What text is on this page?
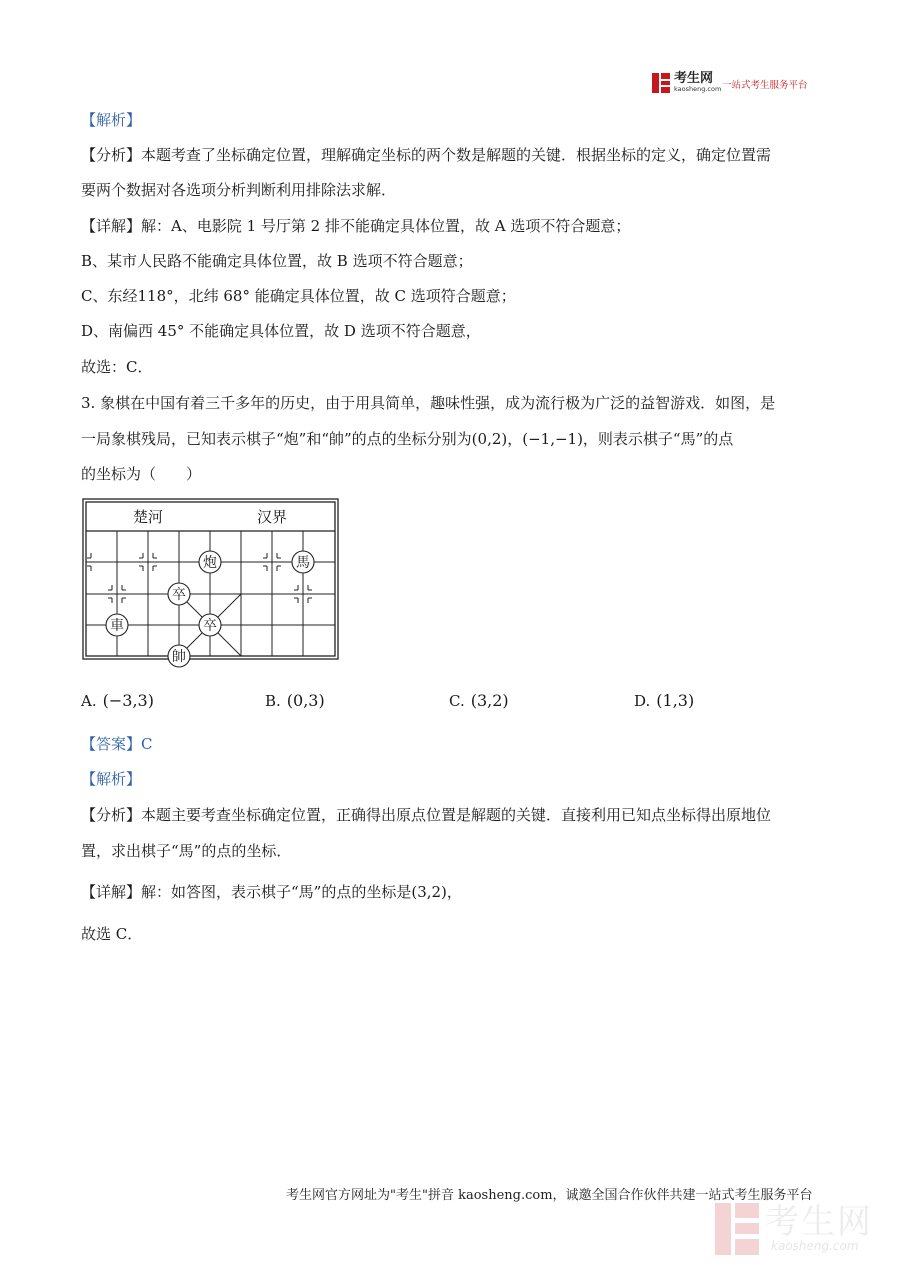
考生网
kaosheng.com 一站式考生服务平台
【解析】
【分析】本题考查了坐标确定位置，理解确定坐标的两个数是解题的关键．根据坐标的定义，确定位置需
要两个数据对各选项分析判断利用排除法求解．
【详解】解：A、电影院 1 号厅第 2 排不能确定具体位置，故 A 选项不符合题意；
B、某市人民路不能确定具体位置，故 B 选项不符合题意；
C、东经118°，北纬 68° 能确定具体位置，故 C 选项符合题意；
D、南偏西 45° 不能确定具体位置，故 D 选项不符合题意，
故选：C．
3. 象棋在中国有着三千多年的历史，由于用具简单，趣味性强，成为流行极为广泛的益智游戏．如图，是
一局象棋残局，已知表示棋子“炮”和“帥”的点的坐标分别为(0,2)，(−1,−1)，则表示棋子“馬”的点
的坐标为（　　）
楚河	汉界
炮	馬
卒
車	卒
帥
A. (−3,3)	B. (0,3)	C. (3,2)	D. (1,3)
【答案】C
【解析】
【分析】本题主要考查坐标确定位置，正确得出原点位置是解题的关键．直接利用已知点坐标得出原地位
置，求出棋子“馬”的点的坐标．
【详解】解：如答图，表示棋子“馬”的点的坐标是(3,2)，
故选 C．
考生网官方网址为"考生"拼音 kaosheng.com，诚邀全国合作伙伴共建一站式考生服务平台
考生网
kaosheng.com
